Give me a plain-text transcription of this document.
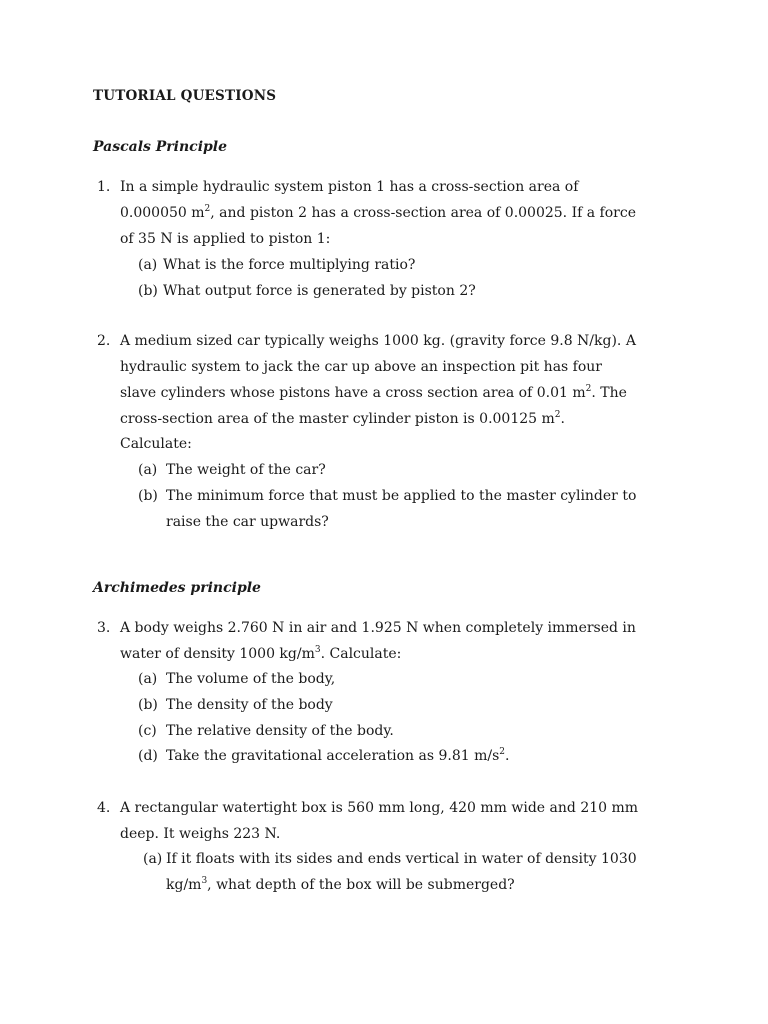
TUTORIAL QUESTIONS
Pascals Principle
1. In a simple hydraulic system piston 1 has a cross-section area of
0.000050 $m^2$, and piston 2 has a cross-section area of 0.00025. If a force
of 35 N is applied to piston 1:
(a) What is the force multiplying ratio?
(b) What output force is generated by piston 2?
2. A medium sized car typically weighs 1000 kg. (gravity force 9.8 N/kg). A
hydraulic system to jack the car up above an inspection pit has four
slave cylinders whose pistons have a cross section area of 0.01 $m^2$. The
cross-section area of the master cylinder piston is 0.00125 $m^2$.
Calculate:
(a) The weight of the car?
(b) The minimum force that must be applied to the master cylinder to
raise the car upwards?
Archimedes principle
3. A body weighs 2.760 N in air and 1.925 N when completely immersed in
water of density 1000 $kg/m^3$. Calculate:
(a) The volume of the body,
(b) The density of the body
(c) The relative density of the body.
(d) Take the gravitational acceleration as 9.81 $m/s^2$.
4. A rectangular watertight box is 560 mm long, 420 mm wide and 210 mm
deep. It weighs 223 N.
(a) If it floats with its sides and ends vertical in water of density 1030
$kg/m^3$, what depth of the box will be submerged?
